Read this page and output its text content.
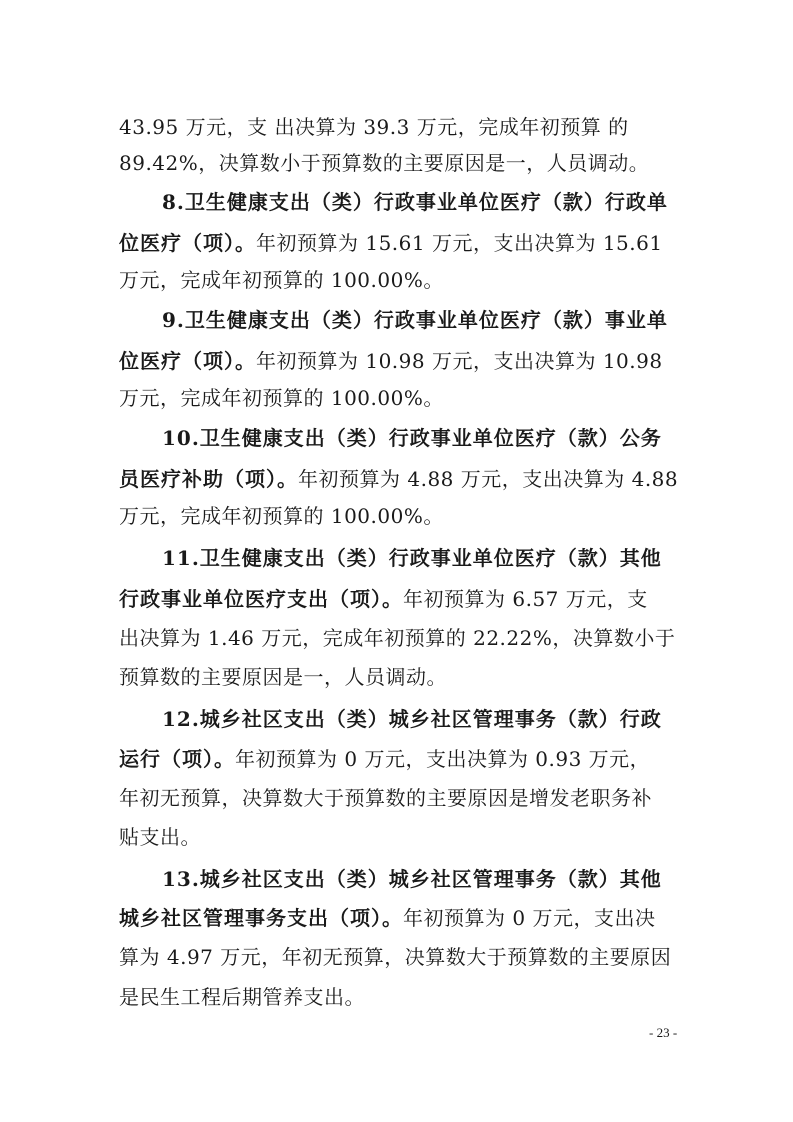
43.95 万元，支 出决算为 39.3 万元，完成年初预算 的
89.42%，决算数小于预算数的主要原因是一，人员调动。
8.卫生健康支出（类）行政事业单位医疗（款）行政单
位医疗（项）。年初预算为 15.61 万元，支出决算为 15.61
万元，完成年初预算的 100.00%。
9.卫生健康支出（类）行政事业单位医疗（款）事业单
位医疗（项）。年初预算为 10.98 万元，支出决算为 10.98
万元，完成年初预算的 100.00%。
10.卫生健康支出（类）行政事业单位医疗（款）公务
员医疗补助（项）。年初预算为 4.88 万元，支出决算为 4.88
万元，完成年初预算的 100.00%。
11.卫生健康支出（类）行政事业单位医疗（款）其他
行政事业单位医疗支出（项）。年初预算为 6.57 万元，支
出决算为 1.46 万元，完成年初预算的 22.22%，决算数小于
预算数的主要原因是一，人员调动。
12.城乡社区支出（类）城乡社区管理事务（款）行政
运行（项）。年初预算为 0 万元，支出决算为 0.93 万元，
年初无预算，决算数大于预算数的主要原因是增发老职务补
贴支出。
13.城乡社区支出（类）城乡社区管理事务（款）其他
城乡社区管理事务支出（项）。年初预算为 0 万元，支出决
算为 4.97 万元，年初无预算，决算数大于预算数的主要原因
是民生工程后期管养支出。
- 23 -
